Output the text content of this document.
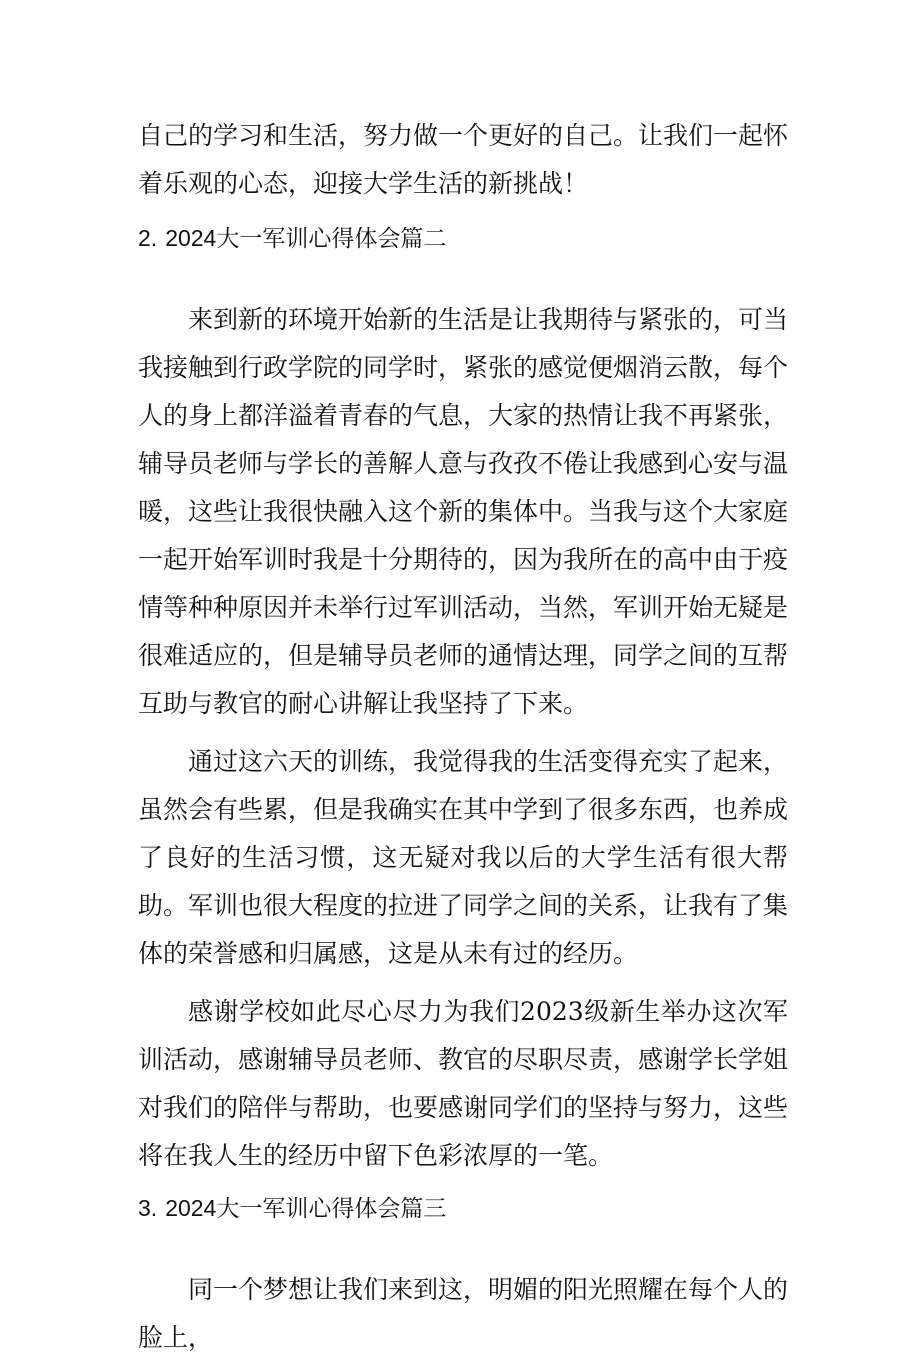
自己的学习和生活，努力做一个更好的自己。让我们一起怀着乐观的心态，迎接大学生活的新挑战！

2. 2024大一军训心得体会篇二

来到新的环境开始新的生活是让我期待与紧张的，可当我接触到行政学院的同学时，紧张的感觉便烟消云散，每个人的身上都洋溢着青春的气息，大家的热情让我不再紧张，辅导员老师与学长的善解人意与孜孜不倦让我感到心安与温暖，这些让我很快融入这个新的集体中。当我与这个大家庭一起开始军训时我是十分期待的，因为我所在的高中由于疫情等种种原因并未举行过军训活动，当然，军训开始无疑是很难适应的，但是辅导员老师的通情达理，同学之间的互帮互助与教官的耐心讲解让我坚持了下来。

通过这六天的训练，我觉得我的生活变得充实了起来，虽然会有些累，但是我确实在其中学到了很多东西，也养成了良好的生活习惯，这无疑对我以后的大学生活有很大帮助。军训也很大程度的拉进了同学之间的关系，让我有了集体的荣誉感和归属感，这是从未有过的经历。

感谢学校如此尽心尽力为我们2023级新生举办这次军训活动，感谢辅导员老师、教官的尽职尽责，感谢学长学姐对我们的陪伴与帮助，也要感谢同学们的坚持与努力，这些将在我人生的经历中留下色彩浓厚的一笔。

3. 2024大一军训心得体会篇三

同一个梦想让我们来到这，明媚的阳光照耀在每个人的脸上，
